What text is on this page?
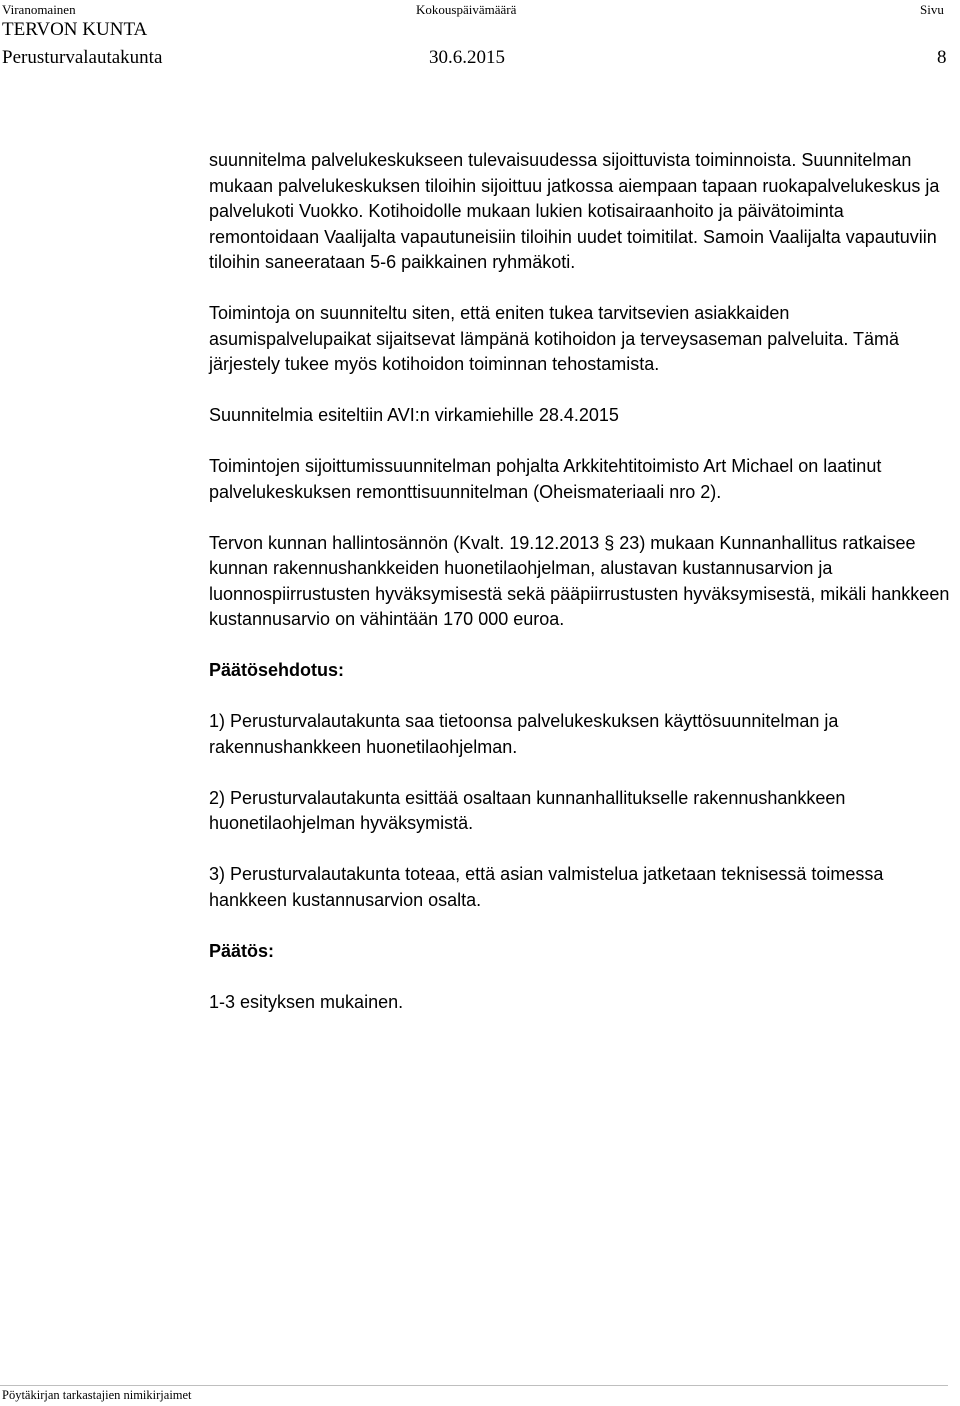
Viranomainen	Kokouspäivämäärä	Sivu
TERVON KUNTA
Perusturvalautakunta	30.6.2015	8

suunnitelma palvelukeskukseen tulevaisuudessa sijoittuvista toiminnoista. Suunnitelman mukaan palvelukeskuksen tiloihin sijoittuu jatkossa aiempaan tapaan ruokapalvelukeskus ja palvelukoti Vuokko. Kotihoidolle mukaan lukien kotisairaanhoito ja päivätoiminta remontoidaan Vaalijalta vapautuneisiin tiloihin uudet toimitilat. Samoin Vaalijalta vapautuviin tiloihin saneerataan 5-6 paikkainen ryhmäkoti.

Toimintoja on suunniteltu siten, että eniten tukea tarvitsevien asiakkaiden asumispalvelupaikat sijaitsevat lämpänä kotihoidon ja terveysaseman palveluita. Tämä järjestely tukee myös kotihoidon toiminnan tehostamista.

Suunnitelmia esiteltiin AVI:n virkamiehille 28.4.2015

Toimintojen sijoittumissuunnitelman pohjalta Arkkitehtitoimisto Art Michael on laatinut palvelukeskuksen remonttisuunnitelman (Oheismateriaali nro 2).

Tervon kunnan hallintosännön (Kvalt. 19.12.2013 § 23) mukaan Kunnanhallitus ratkaisee kunnan rakennushankkeiden huonetilaohjelman, alustavan kustannusarvion ja luonnospiirrustusten hyväksymisestä sekä pääpiirrustusten hyväksymisestä, mikäli hankkeen kustannusarvio on vähintään 170 000 euroa.

Päätösehdotus:

1) Perusturvalautakunta saa tietoonsa palvelukeskuksen käyttösuunnitelman ja rakennushankkeen huonetilaohjelman.

2) Perusturvalautakunta esittää osaltaan kunnanhallitukselle rakennushankkeen huonetilaohjelman hyväksymistä.

3) Perusturvalautakunta toteaa, että asian valmistelua jatketaan teknisessä toimessa hankkeen kustannusarvion osalta.

Päätös:

1-3 esityksen mukainen.

Pöytäkirjan tarkastajien nimikirjaimet
